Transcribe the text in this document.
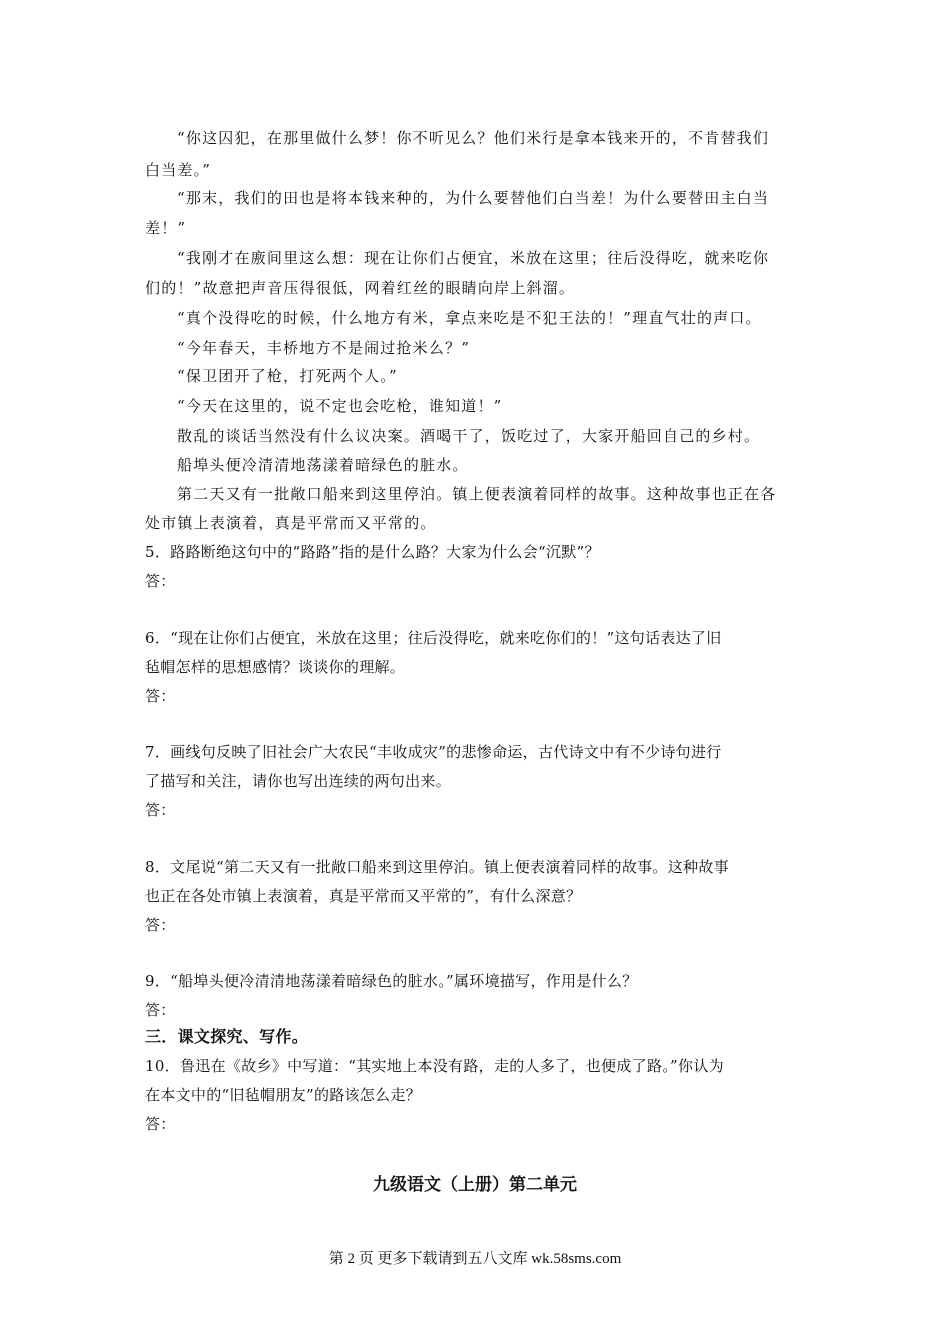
“你这囚犯，在那里做什么梦！你不听见么？他们米行是拿本钱来开的，不肯替我们
白当差。”
“那末，我们的田也是将本钱来种的，为什么要替他们白当差！为什么要替田主白当
差！”
“我刚才在廒间里这么想：现在让你们占便宜，米放在这里；往后没得吃，就来吃你
们的！”故意把声音压得很低，网着红丝的眼睛向岸上斜溜。
“真个没得吃的时候，什么地方有米，拿点来吃是不犯王法的！”理直气壮的声口。
“今年春天，丰桥地方不是闹过抢米么？”
“保卫团开了枪，打死两个人。”
“今天在这里的，说不定也会吃枪，谁知道！”
散乱的谈话当然没有什么议决案。酒喝干了，饭吃过了，大家开船回自己的乡村。
船埠头便冷清清地荡漾着暗绿色的脏水。
第二天又有一批敞口船来到这里停泊。镇上便表演着同样的故事。这种故事也正在各
处市镇上表演着，真是平常而又平常的。
5．路路断绝这句中的“路路”指的是什么路？大家为什么会“沉默”？
答：
6．“现在让你们占便宜，米放在这里；往后没得吃，就来吃你们的！”这句话表达了旧
毡帽怎样的思想感情？谈谈你的理解。
答：
7．画线句反映了旧社会广大农民“丰收成灾”的悲惨命运，古代诗文中有不少诗句进行
了描写和关注，请你也写出连续的两句出来。
答：
8．文尾说“第二天又有一批敞口船来到这里停泊。镇上便表演着同样的故事。这种故事
也正在各处市镇上表演着，真是平常而又平常的”，有什么深意？
答：
9．“船埠头便冷清清地荡漾着暗绿色的脏水。”属环境描写，作用是什么？
答：
三．课文探究、写作。
10．鲁迅在《故乡》中写道：“其实地上本没有路，走的人多了，也便成了路。”你认为
在本文中的“旧毡帽朋友”的路该怎么走？
答：
九级语文（上册）第二单元
第 2 页 更多下载请到五八文库 wk.58sms.com
